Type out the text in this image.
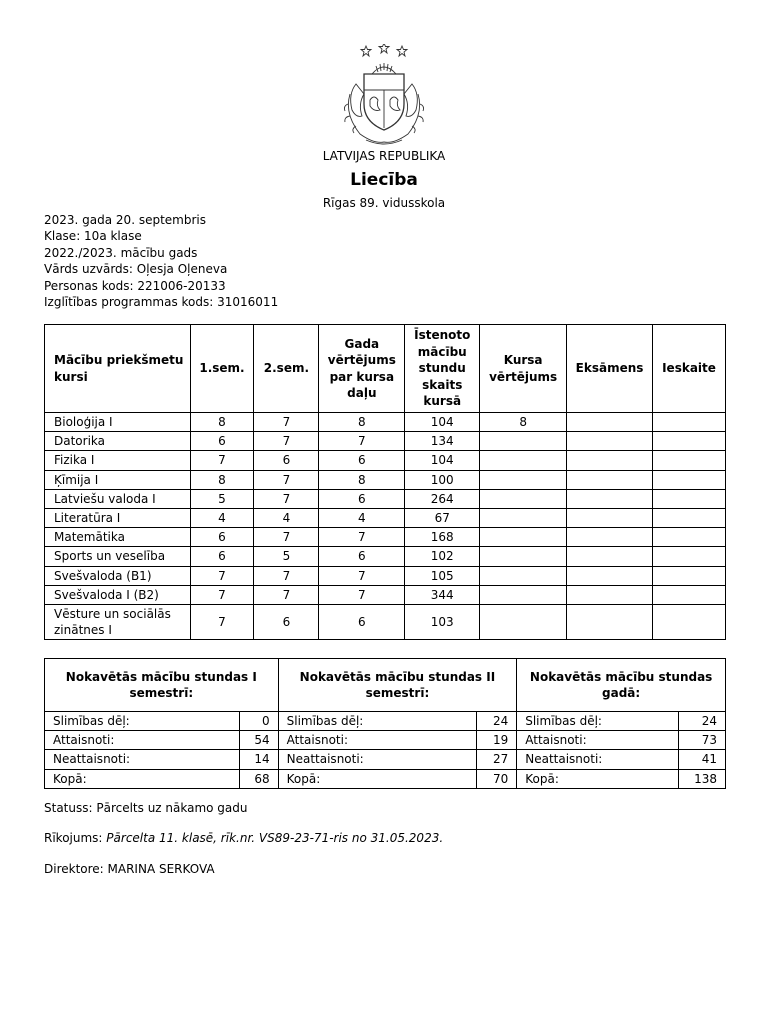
LATVIJAS REPUBLIKA
Liecība
Rīgas 89. vidusskola
2023. gada 20. septembris
Klase: 10a klase
2022./2023. mācību gads
Vārds uzvārds: Oļesja Oļeneva
Personas kods: 221006-20133
Izglītības programmas kods: 31016011
Mācību priekšmetu kursi	1.sem.	2.sem.	Gada vērtējums par kursa daļu	Īstenoto mācību stundu skaits kursā	Kursa vērtējums	Eksāmens	Ieskaite
Bioloģija I	8	7	8	104	8		
Datorika	6	7	7	134			
Fizika I	7	6	6	104			
Ķīmija I	8	7	8	100			
Latviešu valoda I	5	7	6	264			
Literatūra I	4	4	4	67			
Matemātika	6	7	7	168			
Sports un veselība	6	5	6	102			
Svešvaloda (B1)	7	7	7	105			
Svešvaloda I (B2)	7	7	7	344			
Vēsture un sociālās zinātnes I	7	6	6	103			
Nokavētās mācību stundas I semestrī:		Nokavētās mācību stundas II semestrī:		Nokavētās mācību stundas gadā:	
Slimības dēļ:	0	Slimības dēļ:	24	Slimības dēļ:	24
Attaisnoti:	54	Attaisnoti:	19	Attaisnoti:	73
Neattaisnoti:	14	Neattaisnoti:	27	Neattaisnoti:	41
Kopā:	68	Kopā:	70	Kopā:	138
Statuss: Pārcelts uz nākamo gadu
Rīkojums: Pārcelta 11. klasē, rīk.nr. VS89-23-71-ris no 31.05.2023.
Direktore: MARINA SERKOVA
